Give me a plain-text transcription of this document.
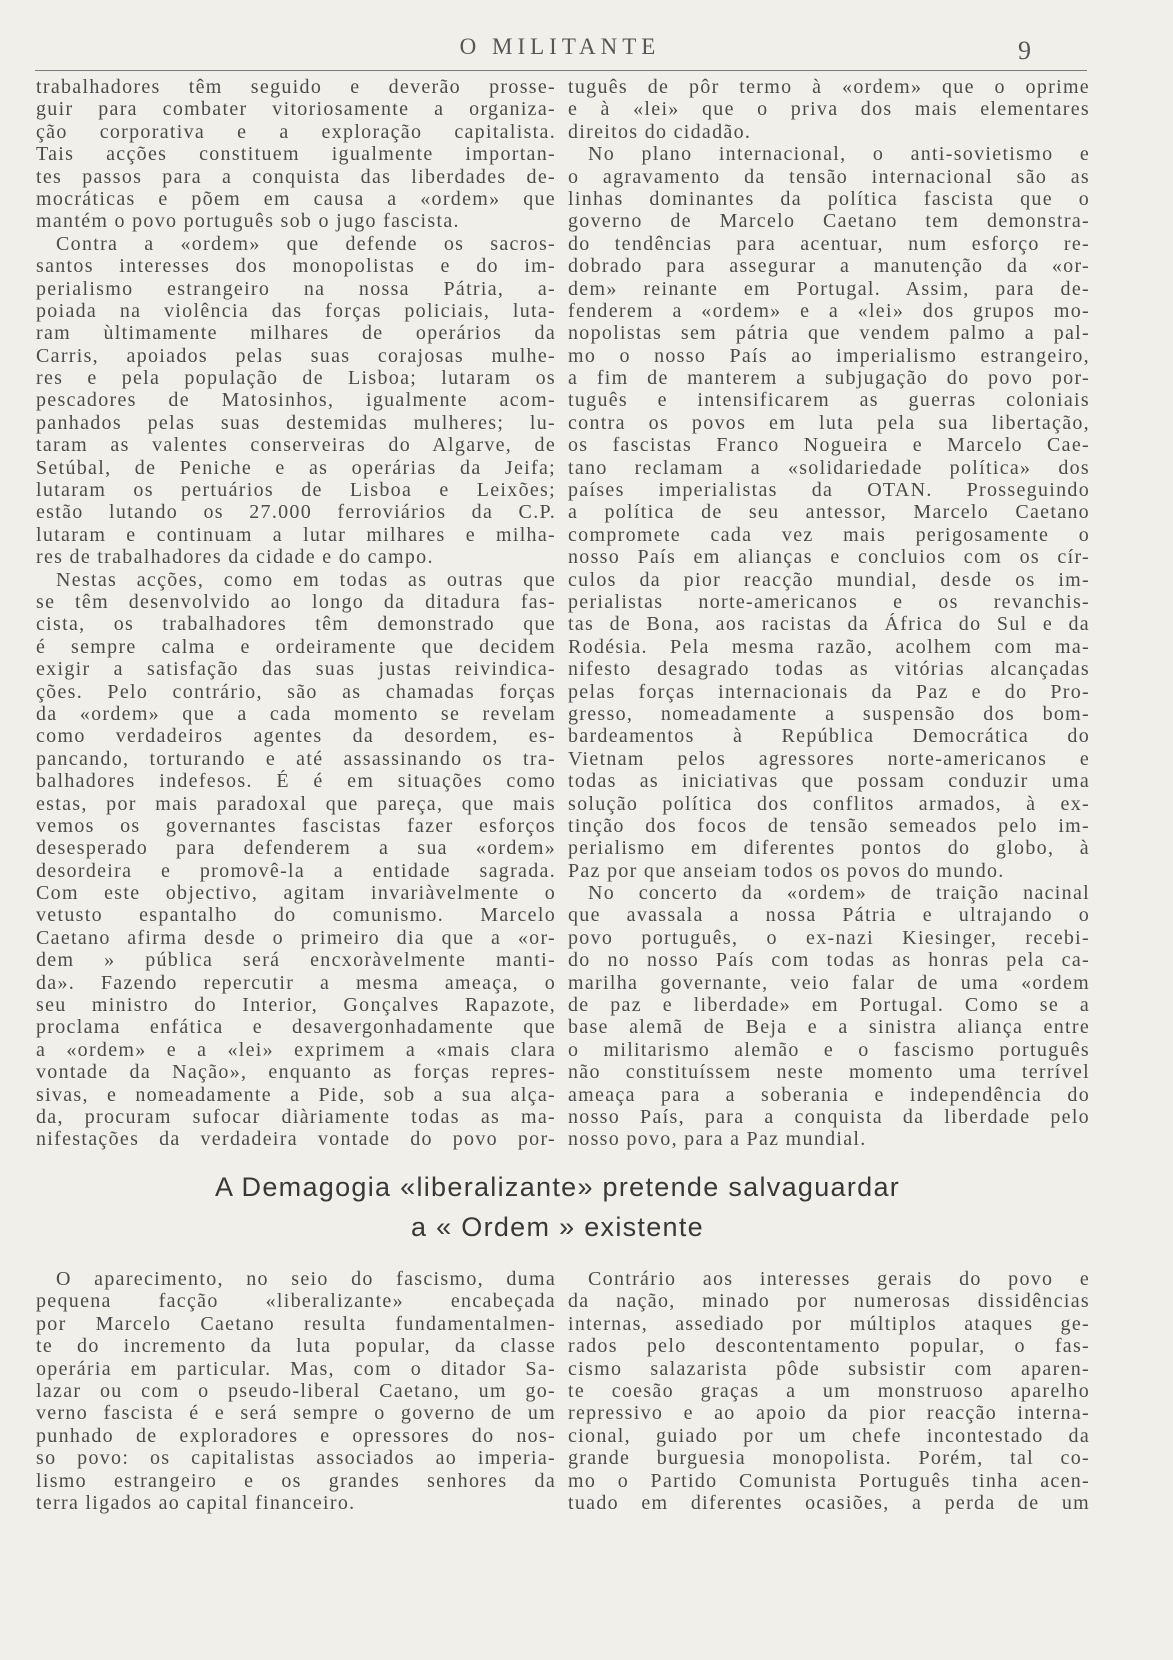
O MILITANTE	9
trabalhadores têm seguido e deverão prosse-
guir para combater vitoriosamente a organiza-
ção corporativa e a exploração capitalista.
Tais acções constituem igualmente importan-
tes passos para a conquista das liberdades de-
mocráticas e põem em causa a «ordem» que
mantém o povo português sob o jugo fascista.
Contra a «ordem» que defende os sacros-
santos interesses dos monopolistas e do im-
perialismo estrangeiro na nossa Pátria, a-
poiada na violência das forças policiais, luta-
ram ùltimamente milhares de operários da
Carris, apoiados pelas suas corajosas mulhe-
res e pela população de Lisboa; lutaram os
pescadores de Matosinhos, igualmente acom-
panhados pelas suas destemidas mulheres; lu-
taram as valentes conserveiras do Algarve, de
Setúbal, de Peniche e as operárias da Jeifa;
lutaram os pertuários de Lisboa e Leixões;
estão lutando os 27.000 ferroviários da C.P.
lutaram e continuam a lutar milhares e milha-
res de trabalhadores da cidade e do campo.
Nestas acções, como em todas as outras que
se têm desenvolvido ao longo da ditadura fas-
cista, os trabalhadores têm demonstrado que
é sempre calma e ordeiramente que decidem
exigir a satisfação das suas justas reivindica-
ções. Pelo contrário, são as chamadas forças
da «ordem» que a cada momento se revelam
como verdadeiros agentes da desordem, es-
pancando, torturando e até assassinando os tra-
balhadores indefesos. É é em situações como
estas, por mais paradoxal que pareça, que mais
vemos os governantes fascistas fazer esforços
desesperado para defenderem a sua «ordem»
desordeira e promovê-la a entidade sagrada.
Com este objectivo, agitam invariàvelmente o
vetusto espantalho do comunismo. Marcelo
Caetano afirma desde o primeiro dia que a «or-
dem » pública será encxoràvelmente manti-
da». Fazendo repercutir a mesma ameaça, o
seu ministro do Interior, Gonçalves Rapazote,
proclama enfática e desavergonhadamente que
a «ordem» e a «lei» exprimem a «mais clara
vontade da Nação», enquanto as forças repres-
sivas, e nomeadamente a Pide, sob a sua alça-
da, procuram sufocar diàriamente todas as ma-
nifestações da verdadeira vontade do povo por-
tuguês de pôr termo à «ordem» que o oprime
e à «lei» que o priva dos mais elementares
direitos do cidadão.
No plano internacional, o anti-sovietismo e
o agravamento da tensão internacional são as
linhas dominantes da política fascista que o
governo de Marcelo Caetano tem demonstra-
do tendências para acentuar, num esforço re-
dobrado para assegurar a manutenção da «or-
dem» reinante em Portugal. Assim, para de-
fenderem a «ordem» e a «lei» dos grupos mo-
nopolistas sem pátria que vendem palmo a pal-
mo o nosso País ao imperialismo estrangeiro,
a fim de manterem a subjugação do povo por-
tuguês e intensificarem as guerras coloniais
contra os povos em luta pela sua libertação,
os fascistas Franco Nogueira e Marcelo Cae-
tano reclamam a «solidariedade política» dos
países imperialistas da OTAN. Prosseguindo
a política de seu antessor, Marcelo Caetano
compromete cada vez mais perigosamente o
nosso País em alianças e concluios com os cír-
culos da pior reacção mundial, desde os im-
perialistas norte-americanos e os revanchis-
tas de Bona, aos racistas da África do Sul e da
Rodésia. Pela mesma razão, acolhem com ma-
nifesto desagrado todas as vitórias alcançadas
pelas forças internacionais da Paz e do Pro-
gresso, nomeadamente a suspensão dos bom-
bardeamentos à República Democrática do
Vietnam pelos agressores norte-americanos e
todas as iniciativas que possam conduzir uma
solução política dos conflitos armados, à ex-
tinção dos focos de tensão semeados pelo im-
perialismo em diferentes pontos do globo, à
Paz por que anseiam todos os povos do mundo.
No concerto da «ordem» de traição nacinal
que avassala a nossa Pátria e ultrajando o
povo português, o ex-nazi Kiesinger, recebi-
do no nosso País com todas as honras pela ca-
marilha governante, veio falar de uma «ordem
de paz e liberdade» em Portugal. Como se a
base alemã de Beja e a sinistra aliança entre
o militarismo alemão e o fascismo português
não constituíssem neste momento uma terrível
ameaça para a soberania e independência do
nosso País, para a conquista da liberdade pelo
nosso povo, para a Paz mundial.
A Demagogia «liberalizante» pretende salvaguardar
a « Ordem » existente
O aparecimento, no seio do fascismo, duma
pequena facção «liberalizante» encabeçada
por Marcelo Caetano resulta fundamentalmen-
te do incremento da luta popular, da classe
operária em particular. Mas, com o ditador Sa-
lazar ou com o pseudo-liberal Caetano, um go-
verno fascista é e será sempre o governo de um
punhado de exploradores e opressores do nos-
so povo: os capitalistas associados ao imperia-
lismo estrangeiro e os grandes senhores da
terra ligados ao capital financeiro.
Contrário aos interesses gerais do povo e
da nação, minado por numerosas dissidências
internas, assediado por múltiplos ataques ge-
rados pelo descontentamento popular, o fas-
cismo salazarista pôde subsistir com aparen-
te coesão graças a um monstruoso aparelho
repressivo e ao apoio da pior reacção interna-
cional, guiado por um chefe incontestado da
grande burguesia monopolista. Porém, tal co-
mo o Partido Comunista Português tinha acen-
tuado em diferentes ocasiões, a perda de um
